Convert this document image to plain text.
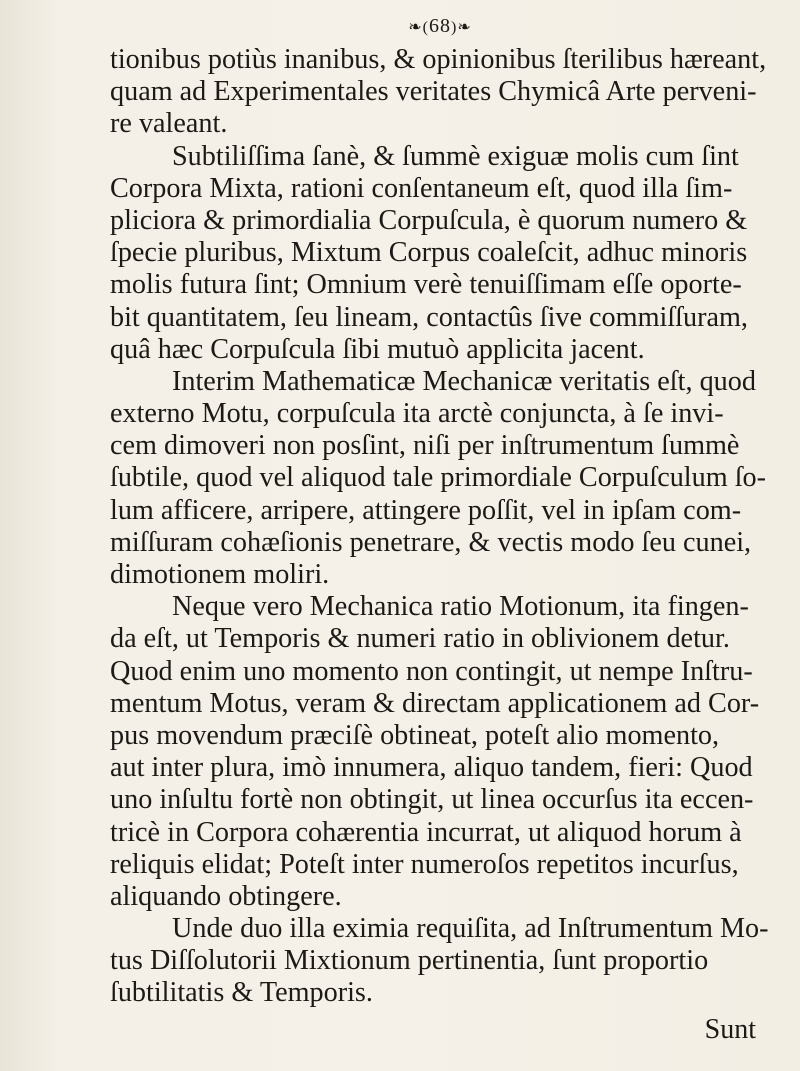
❧(68)❧
tionibus potiùs inanibus, & opinionibus ſterilibus hæreant,
quam ad Experimentales veritates Chymicâ Arte perveni-
re valeant.
Subtiliſſima ſanè, & ſummè exiguæ molis cum ſint
Corpora Mixta, rationi conſentaneum eſt, quod illa ſim-
pliciora & primordialia Corpuſcula, è quorum numero &
ſpecie pluribus, Mixtum Corpus coaleſcit, adhuc minoris
molis futura ſint; Omnium verè tenuiſſimam eſſe oporte-
bit quantitatem, ſeu lineam, contactûs ſive commiſſuram,
quâ hæc Corpuſcula ſibi mutuò applicita jacent.
Interim Mathematicæ Mechanicæ veritatis eſt, quod
externo Motu, corpuſcula ita arctè conjuncta, à ſe invi-
cem dimoveri non posſint, niſi per inſtrumentum ſummè
ſubtile, quod vel aliquod tale primordiale Corpuſculum ſo-
lum afficere, arripere, attingere poſſit, vel in ipſam com-
miſſuram cohæſionis penetrare, & vectis modo ſeu cunei,
dimotionem moliri.
Neque vero Mechanica ratio Motionum, ita fingen-
da eſt, ut Temporis & numeri ratio in oblivionem detur.
Quod enim uno momento non contingit, ut nempe Inſtru-
mentum Motus, veram & directam applicationem ad Cor-
pus movendum præciſè obtineat, poteſt alio momento,
aut inter plura, imò innumera, aliquo tandem, fieri: Quod
uno inſultu fortè non obtingit, ut linea occurſus ita eccen-
tricè in Corpora cohærentia incurrat, ut aliquod horum à
reliquis elidat; Poteſt inter numeroſos repetitos incurſus,
aliquando obtingere.
Unde duo illa eximia requiſita, ad Inſtrumentum Mo-
tus Diſſolutorii Mixtionum pertinentia, ſunt proportio
ſubtilitatis & Temporis.
Sunt
